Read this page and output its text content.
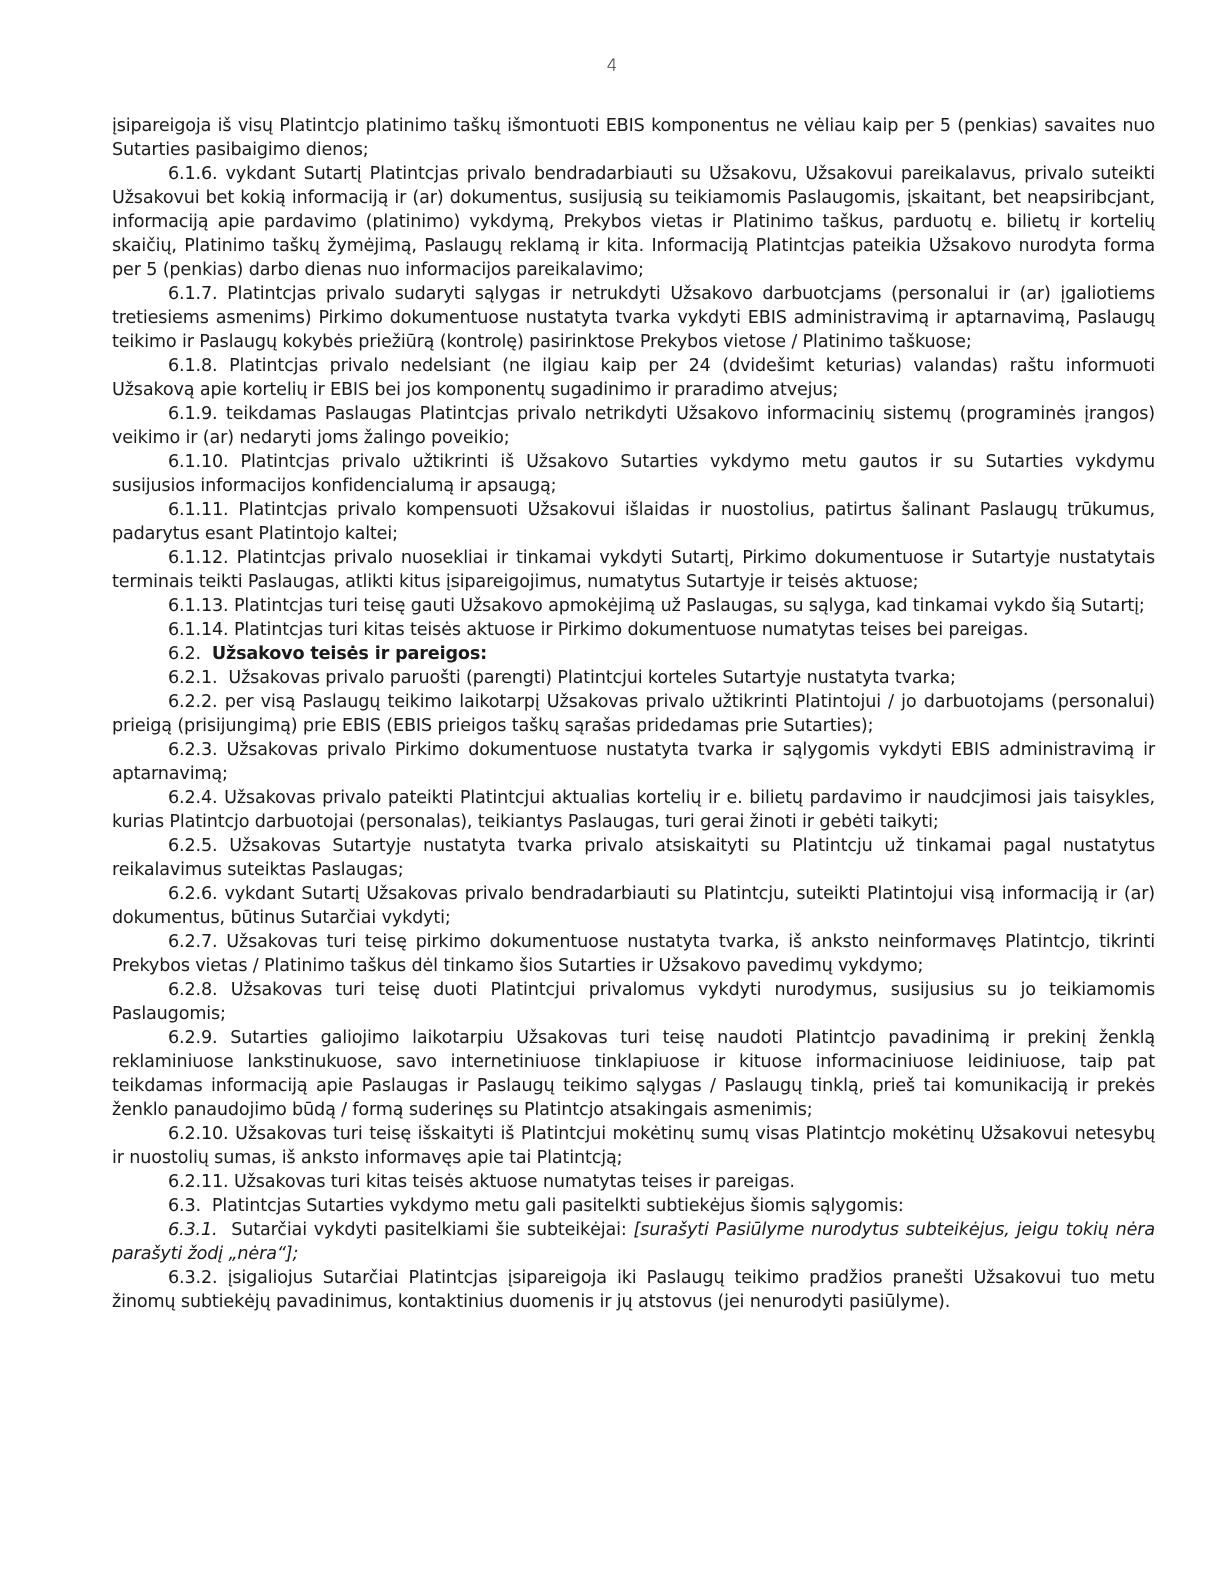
4

įsipareigoja iš visų Platintcjo platinimo taškų išmontuoti EBIS komponentus ne vėliau kaip per 5 (penkias) savaites nuo Sutarties pasibaigimo dienos;

6.1.6. vykdant Sutartį Platintcjas privalo bendradarbiauti su Užsakovu, Užsakovui pareikalavus, privalo suteikti Užsakovui bet kokią informaciją ir (ar) dokumentus, susijusią su teikiamomis Paslaugomis, įskaitant, bet neapsiribcjant, informaciją apie pardavimo (platinimo) vykdymą, Prekybos vietas ir Platinimo taškus, parduotų e. bilietų ir kortelių skaičių, Platinimo taškų žymėjimą, Paslaugų reklamą ir kita. Informaciją Platintcjas pateikia Užsakovo nurodyta forma per 5 (penkias) darbo dienas nuo informacijos pareikalavimo;

6.1.7. Platintcjas privalo sudaryti sąlygas ir netrukdyti Užsakovo darbuotcjams (personalui ir (ar) įgaliotiems tretiesiems asmenims) Pirkimo dokumentuose nustatyta tvarka vykdyti EBIS administravimą ir aptarnavimą, Paslaugų teikimo ir Paslaugų kokybės priežiūrą (kontrolę) pasirinktose Prekybos vietose / Platinimo taškuose;

6.1.8. Platintcjas privalo nedelsiant (ne ilgiau kaip per 24 (dvidešimt keturias) valandas) raštu informuoti Užsakovą apie kortelių ir EBIS bei jos komponentų sugadinimo ir praradimo atvejus;

6.1.9. teikdamas Paslaugas Platintcjas privalo netrikdyti Užsakovo informacinių sistemų (programinės įrangos) veikimo ir (ar) nedaryti joms žalingo poveikio;

6.1.10. Platintcjas privalo užtikrinti iš Užsakovo Sutarties vykdymo metu gautos ir su Sutarties vykdymu susijusios informacijos konfidencialumą ir apsaugą;

6.1.11. Platintcjas privalo kompensuoti Užsakovui išlaidas ir nuostolius, patirtus šalinant Paslaugų trūkumus, padarytus esant Platintojo kaltei;

6.1.12. Platintcjas privalo nuosekliai ir tinkamai vykdyti Sutartį, Pirkimo dokumentuose ir Sutartyje nustatytais terminais teikti Paslaugas, atlikti kitus įsipareigojimus, numatytus Sutartyje ir teisės aktuose;

6.1.13. Platintcjas turi teisę gauti Užsakovo apmokėjimą už Paslaugas, su sąlyga, kad tinkamai vykdo šią Sutartį;

6.1.14. Platintcjas turi kitas teisės aktuose ir Pirkimo dokumentuose numatytas teises bei pareigas.

6.2. Užsakovo teisės ir pareigos:

6.2.1. Užsakovas privalo paruošti (parengti) Platintcjui korteles Sutartyje nustatyta tvarka;

6.2.2. per visą Paslaugų teikimo laikotarpį Užsakovas privalo užtikrinti Platintojui / jo darbuotojams (personalui) prieigą (prisijungimą) prie EBIS (EBIS prieigos taškų sąrašas pridedamas prie Sutarties);

6.2.3. Užsakovas privalo Pirkimo dokumentuose nustatyta tvarka ir sąlygomis vykdyti EBIS administravimą ir aptarnavimą;

6.2.4. Užsakovas privalo pateikti Platintcjui aktualias kortelių ir e. bilietų pardavimo ir naudcjimosi jais taisykles, kurias Platintcjo darbuotojai (personalas), teikiantys Paslaugas, turi gerai žinoti ir gebėti taikyti;

6.2.5. Užsakovas Sutartyje nustatyta tvarka privalo atsiskaityti su Platintcju už tinkamai pagal nustatytus reikalavimus suteiktas Paslaugas;

6.2.6. vykdant Sutartį Užsakovas privalo bendradarbiauti su Platintcju, suteikti Platintojui visą informaciją ir (ar) dokumentus, būtinus Sutarčiai vykdyti;

6.2.7. Užsakovas turi teisę pirkimo dokumentuose nustatyta tvarka, iš anksto neinformavęs Platintcjo, tikrinti Prekybos vietas / Platinimo taškus dėl tinkamo šios Sutarties ir Užsakovo pavedimų vykdymo;

6.2.8. Užsakovas turi teisę duoti Platintcjui privalomus vykdyti nurodymus, susijusius su jo teikiamomis Paslaugomis;

6.2.9. Sutarties galiojimo laikotarpiu Užsakovas turi teisę naudoti Platintcjo pavadinimą ir prekinį ženklą reklaminiuose lankstinukuose, savo internetiniuose tinklapiuose ir kituose informaciniuose leidiniuose, taip pat teikdamas informaciją apie Paslaugas ir Paslaugų teikimo sąlygas / Paslaugų tinklą, prieš tai komunikaciją ir prekės ženklo panaudojimo būdą / formą suderinęs su Platintcjo atsakingais asmenimis;

6.2.10. Užsakovas turi teisę išskaityti iš Platintcjui mokėtinų sumų visas Platintcjo mokėtinų Užsakovui netesybų ir nuostolių sumas, iš anksto informavęs apie tai Platintcją;

6.2.11. Užsakovas turi kitas teisės aktuose numatytas teises ir pareigas.

6.3. Platintcjas Sutarties vykdymo metu gali pasitelkti subtiekėjus šiomis sąlygomis:

6.3.1. Sutarčiai vykdyti pasitelkiami šie subteikėjai: [surašyti Pasiūlyme nurodytus subteikėjus, jeigu tokių nėra parašyti žodį „nėra“];

6.3.2. įsigaliojus Sutarčiai Platintcjas įsipareigoja iki Paslaugų teikimo pradžios pranešti Užsakovui tuo metu žinomų subtiekėjų pavadinimus, kontaktinius duomenis ir jų atstovus (jei nenurodyti pasiūlyme).
